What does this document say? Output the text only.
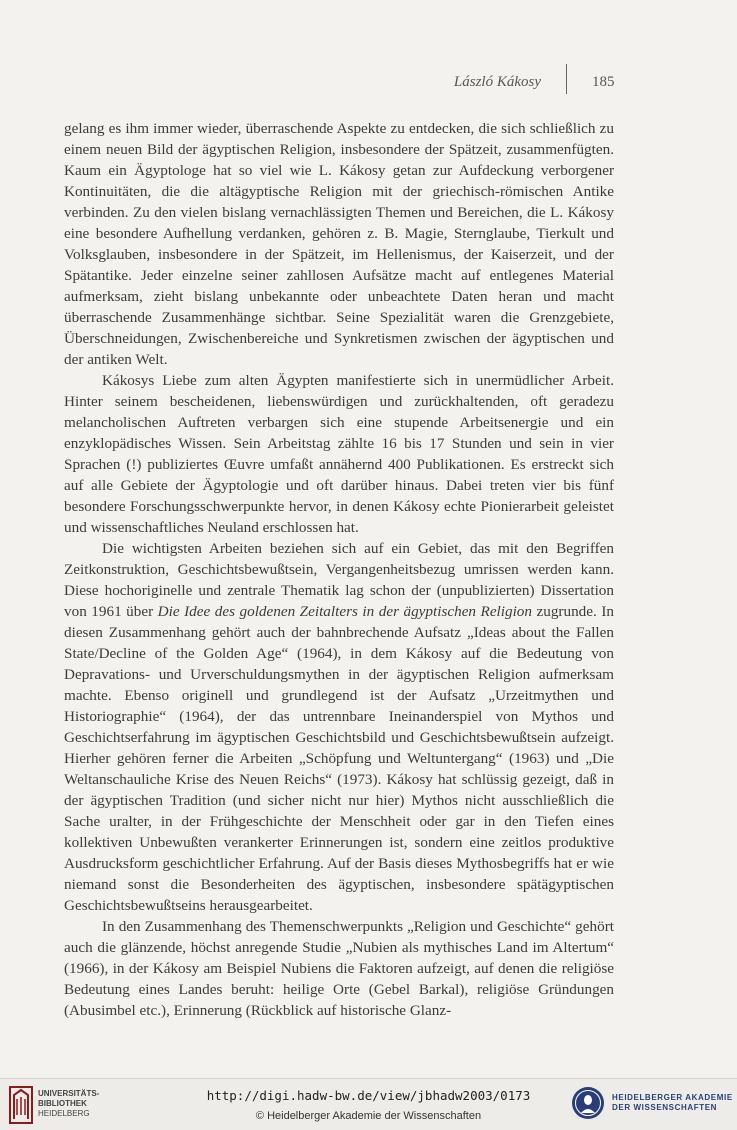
László Kákosy	185

gelang es ihm immer wieder, überraschende Aspekte zu entdecken, die sich schließlich zu einem neuen Bild der ägyptischen Religion, insbesondere der Spätzeit, zusammenfügten. Kaum ein Ägyptologe hat so viel wie L. Kákosy getan zur Aufdeckung verborgener Kontinuitäten, die die altägyptische Religion mit der griechisch-römischen Antike verbinden. Zu den vielen bislang vernachlässigten Themen und Bereichen, die L. Kákosy eine besondere Aufhellung verdanken, gehören z. B. Magie, Sternglaube, Tierkult und Volksglauben, insbesondere in der Spätzeit, im Hellenismus, der Kaiserzeit, und der Spätantike. Jeder einzelne seiner zahllosen Aufsätze macht auf entlegenes Material aufmerksam, zieht bislang unbekannte oder unbeachtete Daten heran und macht überraschende Zusammenhänge sichtbar. Seine Spezialität waren die Grenzgebiete, Überschneidungen, Zwischenbereiche und Synkretismen zwischen der ägyptischen und der antiken Welt.

Kákosys Liebe zum alten Ägypten manifestierte sich in unermüdlicher Arbeit. Hinter seinem bescheidenen, liebenswürdigen und zurückhaltenden, oft geradezu melancholischen Auftreten verbargen sich eine stupende Arbeitsenergie und ein enzyklopädisches Wissen. Sein Arbeitstag zählte 16 bis 17 Stunden und sein in vier Sprachen (!) publiziertes Œuvre umfaßt annähernd 400 Publikationen. Es erstreckt sich auf alle Gebiete der Ägyptologie und oft darüber hinaus. Dabei treten vier bis fünf besondere Forschungsschwerpunkte hervor, in denen Kákosy echte Pionierarbeit geleistet und wissenschaftliches Neuland erschlossen hat.

Die wichtigsten Arbeiten beziehen sich auf ein Gebiet, das mit den Begriffen Zeitkonstruktion, Geschichtsbewußtsein, Vergangenheitsbezug umrissen werden kann. Diese hochoriginelle und zentrale Thematik lag schon der (unpublizierten) Dissertation von 1961 über Die Idee des goldenen Zeitalters in der ägyptischen Religion zugrunde. In diesen Zusammenhang gehört auch der bahnbrechende Aufsatz „Ideas about the Fallen State/Decline of the Golden Age“ (1964), in dem Kákosy auf die Bedeutung von Depravations- und Urverschuldungsmythen in der ägyptischen Religion aufmerksam machte. Ebenso originell und grundlegend ist der Aufsatz „Urzeitmythen und Historiographie“ (1964), der das untrennbare Ineinanderspiel von Mythos und Geschichtserfahrung im ägyptischen Geschichtsbild und Geschichtsbewußtsein aufzeigt. Hierher gehören ferner die Arbeiten „Schöpfung und Weltuntergang“ (1963) und „Die Weltanschauliche Krise des Neuen Reichs“ (1973). Kákosy hat schlüssig gezeigt, daß in der ägyptischen Tradition (und sicher nicht nur hier) Mythos nicht ausschließlich die Sache uralter, in der Frühgeschichte der Menschheit oder gar in den Tiefen eines kollektiven Unbewußten verankerter Erinnerungen ist, sondern eine zeitlos produktive Ausdrucksform geschichtlicher Erfahrung. Auf der Basis dieses Mythosbegriffs hat er wie niemand sonst die Besonderheiten des ägyptischen, insbesondere spätägyptischen Geschichtsbewußtseins herausgearbeitet.

In den Zusammenhang des Themenschwerpunkts „Religion und Geschichte“ gehört auch die glänzende, höchst anregende Studie „Nubien als mythisches Land im Altertum“ (1966), in der Kákosy am Beispiel Nubiens die Faktoren aufzeigt, auf denen die religiöse Bedeutung eines Landes beruht: heilige Orte (Gebel Barkal), religiöse Gründungen (Abusimbel etc.), Erinnerung (Rückblick auf historische Glanz-

UNIVERSITÄTS-
BIBLIOTHEK
HEIDELBERG
http://digi.hadw-bw.de/view/jbhadw2003/0173
© Heidelberger Akademie der Wissenschaften
HEIDELBERGER AKADEMIE
DER WISSENSCHAFTEN
